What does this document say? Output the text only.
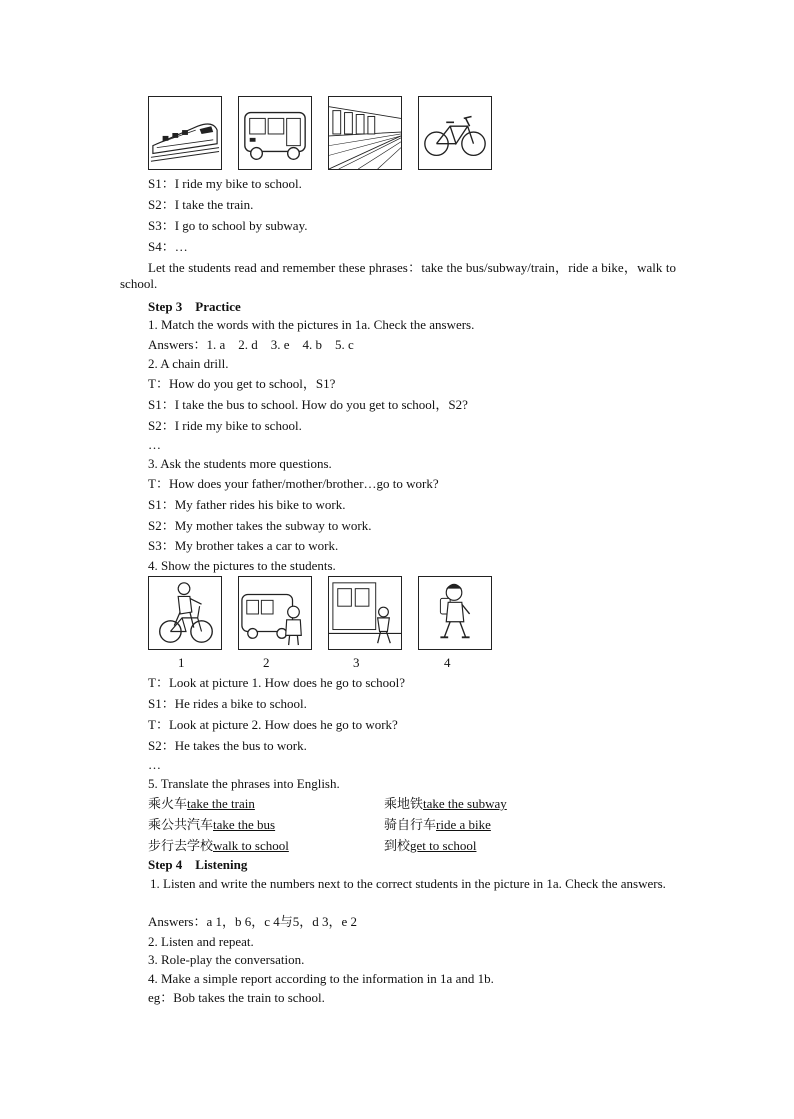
S1：I ride my bike to school.
S2：I take the train.
S3：I go to school by subway.
S4：…
Let the students read and remember these phrases：take the bus/subway/train，ride a bike，walk to school.
Step 3　Practice
1. Match the words with the pictures in 1a. Check the answers.
Answers：1. a　2. d　3. e　4. b　5. c
2. A chain drill.
T：How do you get to school，S1?
S1：I take the bus to school. How do you get to school，S2?
S2：I ride my bike to school.
…
3. Ask the students more questions.
T：How does your father/mother/brother…go to work?
S1：My father rides his bike to work.
S2：My mother takes the subway to work.
S3：My brother takes a car to work.
4. Show the pictures to the students.
1	2	3	4
T：Look at picture 1. How does he go to school?
S1：He rides a bike to school.
T：Look at picture 2. How does he go to work?
S2：He takes the bus to work.
…
5. Translate the phrases into English.
乘火车take the train	乘地铁take the subway
乘公共汽车take the bus	骑自行车ride a bike
步行去学校walk to school	到校get to school
Step 4　Listening
1. Listen and write the numbers next to the correct students in the picture in 1a. Check the answers.
Answers：a 1，b 6，c 4与5，d 3，e 2
2. Listen and repeat.
3. Role-play the conversation.
4. Make a simple report according to the information in 1a and 1b.
eg：Bob takes the train to school.
